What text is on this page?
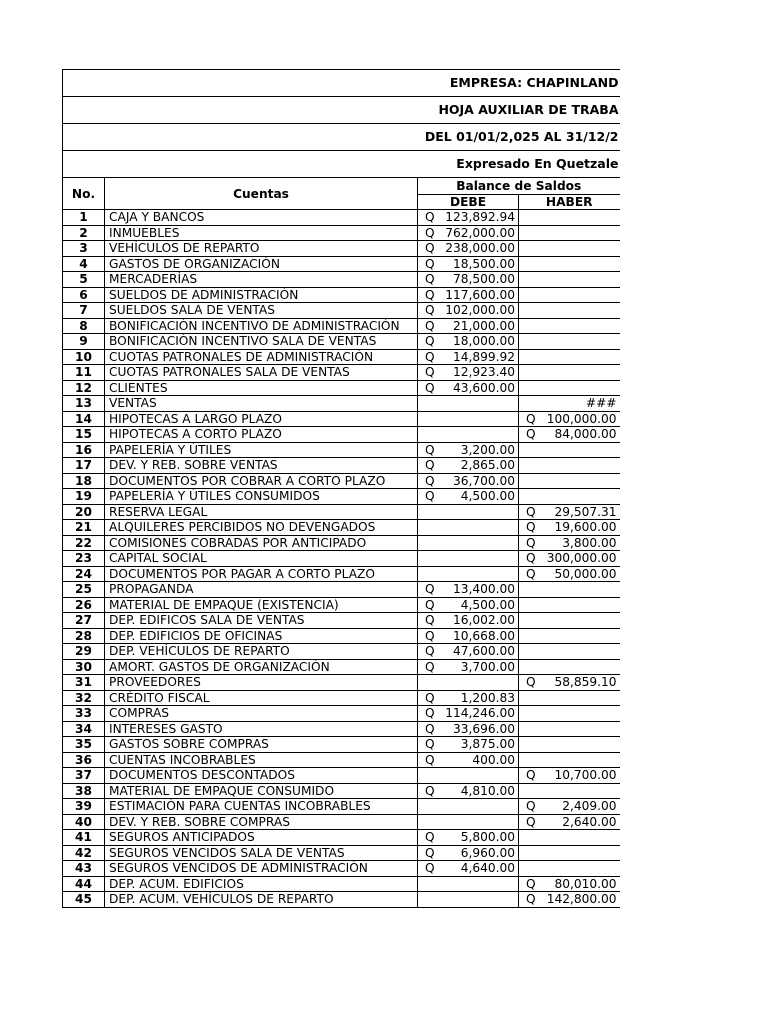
EMPRESA: CHAPINLAND			
HOJA AUXILIAR DE TRABA			
DEL 01/01/2,025 AL 31/12/2			
Expresado En Quetzale			
No.	Cuentas	Balance de Saldos	
		DEBE	HABER
1	CAJA Y BANCOS	Q 123,892.94	

2	INMUEBLES	Q 762,000.00	

3	VEHÍCULOS DE REPARTO	Q 238,000.00	

4	GASTOS DE ORGANIZACIÓN	Q 18,500.00	

5	MERCADERÍAS	Q 78,500.00	

6	SUELDOS DE ADMINISTRACIÓN	Q 117,600.00	

7	SUELDOS SALA DE VENTAS	Q 102,000.00	

8	BONIFICACIÓN INCENTIVO DE ADMINISTRACIÓN	Q 21,000.00	

9	BONIFICACIÓN INCENTIVO SALA DE VENTAS	Q 18,000.00	

10	CUOTAS PATRONALES DE ADMINISTRACIÓN	Q 14,899.92	

11	CUOTAS PATRONALES SALA DE VENTAS	Q 12,923.40	

12	CLIENTES	Q 43,600.00	

13	VENTAS		###
14	HIPOTECAS A LARGO PLAZO		Q 100,000.00

15	HIPOTECAS A CORTO PLAZO		Q 84,000.00

16	PAPELERÍA Y ÚTILES	Q 3,200.00	

17	DEV. Y REB. SOBRE VENTAS	Q 2,865.00	

18	DOCUMENTOS POR COBRAR A CORTO PLAZO	Q 36,700.00	

19	PAPELERÍA Y ÚTILES CONSUMIDOS	Q 4,500.00	

20	RESERVA LEGAL		Q 29,507.31

21	ALQUILERES PERCIBIDOS NO DEVENGADOS		Q 19,600.00

22	COMISIONES COBRADAS POR ANTICIPADO		Q 3,800.00

23	CAPITAL SOCIAL		Q 300,000.00

24	DOCUMENTOS POR PAGAR A CORTO PLAZO		Q 50,000.00

25	PROPAGANDA	Q 13,400.00	

26	MATERIAL DE EMPAQUE (EXISTENCIA)	Q 4,500.00	

27	DEP. EDIFICOS SALA DE VENTAS	Q 16,002.00	

28	DEP. EDIFICIOS DE OFICINAS	Q 10,668.00	

29	DEP. VEHÍCULOS DE REPARTO	Q 47,600.00	

30	AMORT. GASTOS DE ORGANIZACIÓN	Q 3,700.00	

31	PROVEEDORES		Q 58,859.10

32	CRÉDITO FISCAL	Q 1,200.83	

33	COMPRAS	Q 114,246.00	

34	INTERESES GASTO	Q 33,696.00	

35	GASTOS SOBRE COMPRAS	Q 3,875.00	

36	CUENTAS INCOBRABLES	Q 400.00	

37	DOCUMENTOS DESCONTADOS		Q 10,700.00

38	MATERIAL DE EMPAQUE CONSUMIDO	Q 4,810.00	

39	ESTIMACIÓN PARA CUENTAS INCOBRABLES		Q 2,409.00

40	DEV. Y REB. SOBRE COMPRAS		Q 2,640.00

41	SEGUROS ANTICIPADOS	Q 5,800.00	

42	SEGUROS VENCIDOS SALA DE VENTAS	Q 6,960.00	

43	SEGUROS VENCIDOS DE ADMINISTRACIÓN	Q 4,640.00	

44	DEP. ACUM. EDIFICIOS		Q 80,010.00

45	DEP. ACUM. VEHÍCULOS DE REPARTO		Q 142,800.00
